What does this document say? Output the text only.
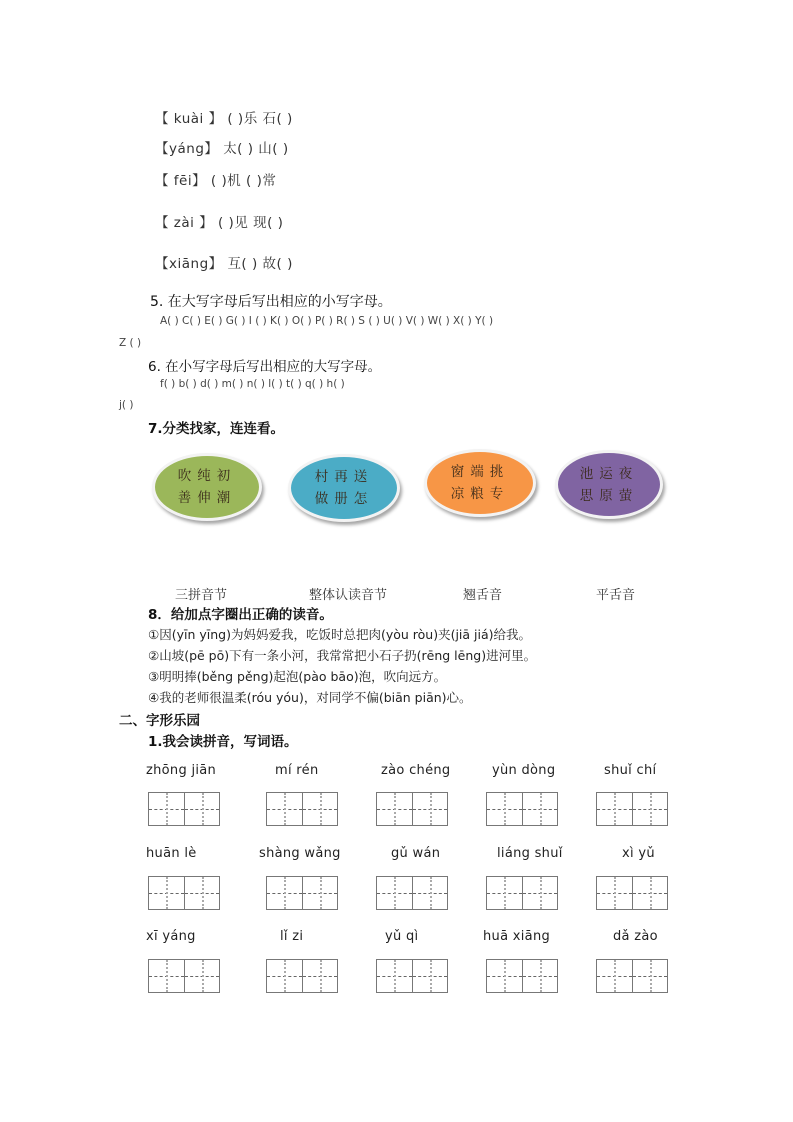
【 kuài 】 ( )乐 石( )
【yáng】 太( ) 山( )
【 fēi】 ( )机 ( )常
【 zài 】 ( )见 现( )
【xiāng】 互( ) 故( )
5. 在大写字母后写出相应的小写字母。
A( ) C( ) E( ) G( ) I ( ) K( ) O( ) P( ) R( ) S ( ) U( ) V( ) W( ) X( ) Y( )
Z ( )
6. 在小写字母后写出相应的大写字母。
f( ) b( ) d( ) m( ) n( ) l( ) t( ) q( ) h( )
j( )
7.分类找家，连连看。
吹纯初
善伸潮
村再送
做册怎
窗端挑
凉粮专
池运夜
思原萤
三拼音节	整体认读音节	翘舌音	平舌音
8．给加点字圈出正确的读音。
①因(yīn yīng)为妈妈爱我，吃饭时总把肉(yòu ròu)夹(jiā jiá)给我。
②山坡(pē pō)下有一条小河，我常常把小石子扔(rēng lēng)进河里。
③明明捧(běng pěng)起泡(pào bāo)泡，吹向远方。
④我的老师很温柔(róu yóu)，对同学不偏(biān piān)心。
二、字形乐园
1.我会读拼音，写词语。
zhōng jiān	mí rén	zào chéng	yùn dòng	shuǐ chí
huān lè	shàng wǎng	gǔ wán	liáng shuǐ	xì yǔ
xī yáng	lǐ zi	yǔ qì	huā xiāng	dǎ zào
